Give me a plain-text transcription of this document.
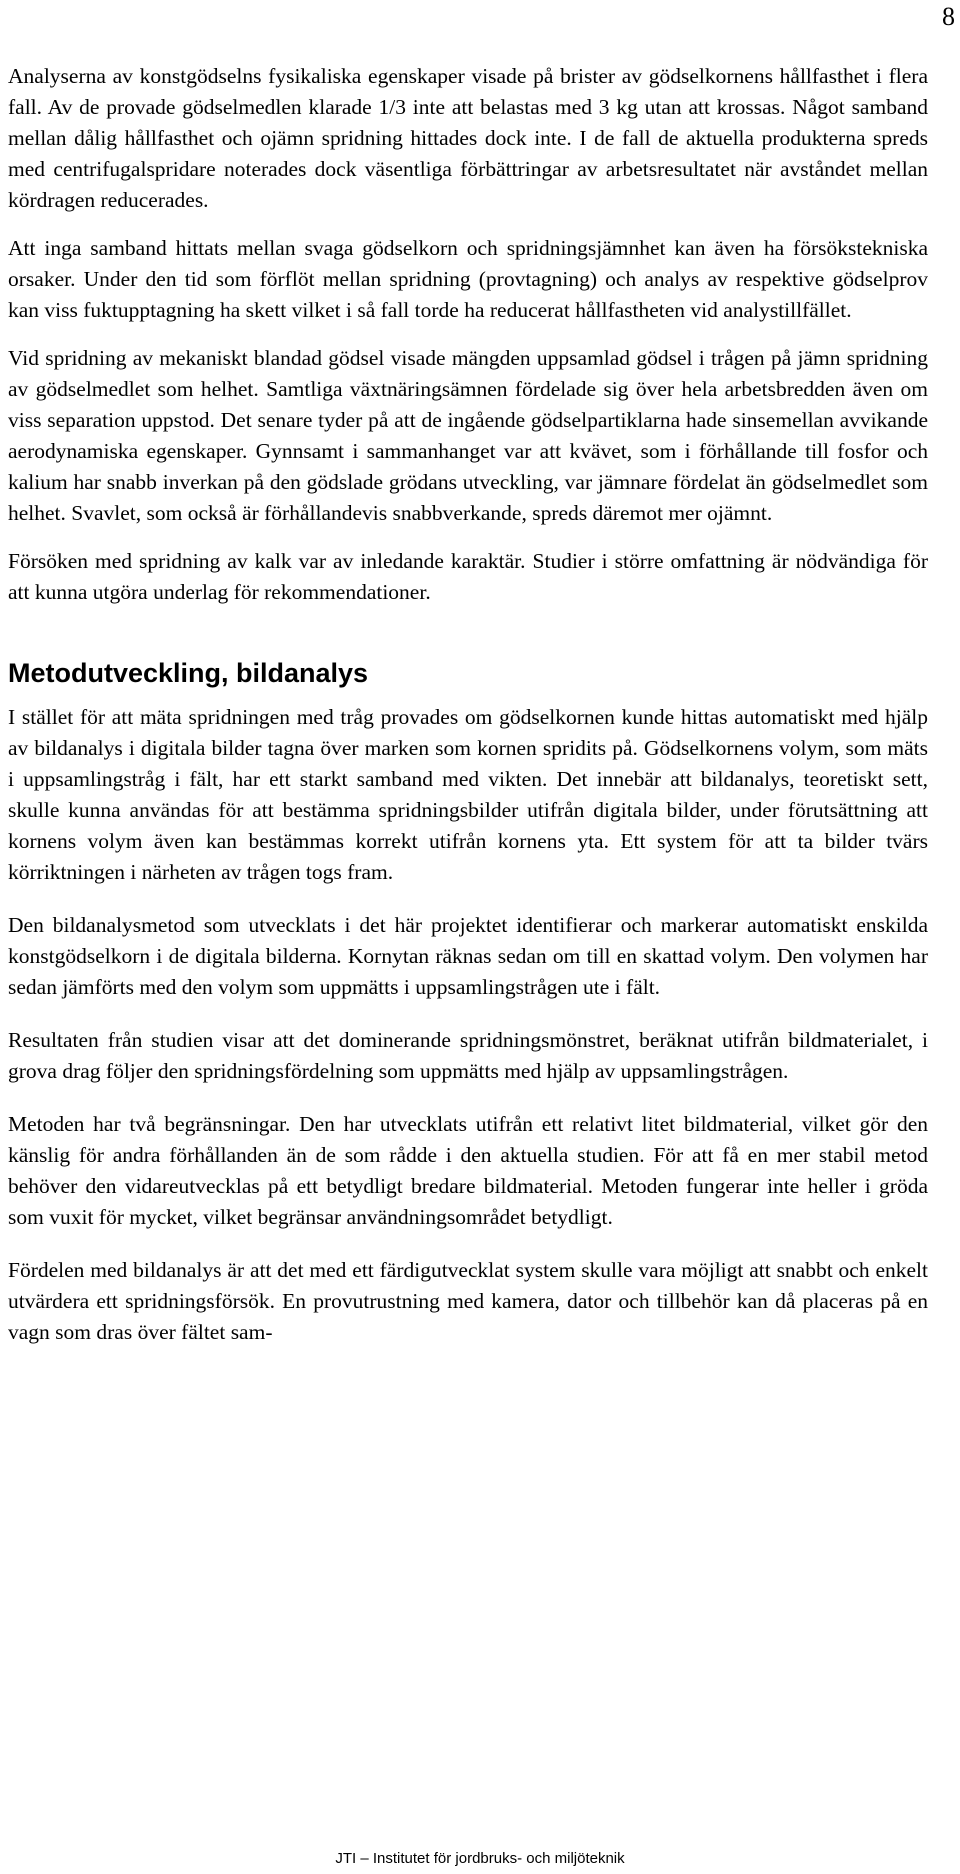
8

Analyserna av konstgödselns fysikaliska egenskaper visade på brister av gödselkornens hållfasthet i flera fall. Av de provade gödselmedlen klarade 1/3 inte att belastas med 3 kg utan att krossas. Något samband mellan dålig hållfasthet och ojämn spridning hittades dock inte. I de fall de aktuella produkterna spreds med centrifugalspridare noterades dock väsentliga förbättringar av arbetsresultatet när avståndet mellan kördragen reducerades.

Att inga samband hittats mellan svaga gödselkorn och spridningsjämnhet kan även ha försökstekniska orsaker. Under den tid som förflöt mellan spridning (provtagning) och analys av respektive gödselprov kan viss fuktupptagning ha skett vilket i så fall torde ha reducerat hållfastheten vid analystillfället.

Vid spridning av mekaniskt blandad gödsel visade mängden uppsamlad gödsel i trågen på jämn spridning av gödselmedlet som helhet. Samtliga växtnäringsämnen fördelade sig över hela arbetsbredden även om viss separation uppstod. Det senare tyder på att de ingående gödselpartiklarna hade sinsemellan avvikande aerodynamiska egenskaper. Gynnsamt i sammanhanget var att kvävet, som i förhållande till fosfor och kalium har snabb inverkan på den gödslade grödans utveckling, var jämnare fördelat än gödselmedlet som helhet. Svavlet, som också är förhållandevis snabbverkande, spreds däremot mer ojämnt.

Försöken med spridning av kalk var av inledande karaktär. Studier i större omfattning är nödvändiga för att kunna utgöra underlag för rekommendationer.

Metodutveckling, bildanalys

I stället för att mäta spridningen med tråg provades om gödselkornen kunde hittas automatiskt med hjälp av bildanalys i digitala bilder tagna över marken som kornen spridits på. Gödselkornens volym, som mäts i uppsamlingstråg i fält, har ett starkt samband med vikten. Det innebär att bildanalys, teoretiskt sett, skulle kunna användas för att bestämma spridningsbilder utifrån digitala bilder, under förutsättning att kornens volym även kan bestämmas korrekt utifrån kornens yta. Ett system för att ta bilder tvärs körriktningen i närheten av trågen togs fram.

Den bildanalysmetod som utvecklats i det här projektet identifierar och markerar automatiskt enskilda konstgödselkorn i de digitala bilderna. Kornytan räknas sedan om till en skattad volym. Den volymen har sedan jämförts med den volym som uppmätts i uppsamlingstrågen ute i fält.

Resultaten från studien visar att det dominerande spridningsmönstret, beräknat utifrån bildmaterialet, i grova drag följer den spridningsfördelning som uppmätts med hjälp av uppsamlingstrågen.

Metoden har två begränsningar. Den har utvecklats utifrån ett relativt litet bildmaterial, vilket gör den känslig för andra förhållanden än de som rådde i den aktuella studien. För att få en mer stabil metod behöver den vidareutvecklas på ett betydligt bredare bildmaterial. Metoden fungerar inte heller i gröda som vuxit för mycket, vilket begränsar användningsområdet betydligt.

Fördelen med bildanalys är att det med ett färdigutvecklat system skulle vara möjligt att snabbt och enkelt utvärdera ett spridningsförsök. En provutrustning med kamera, dator och tillbehör kan då placeras på en vagn som dras över fältet sam-

JTI – Institutet för jordbruks- och miljöteknik
